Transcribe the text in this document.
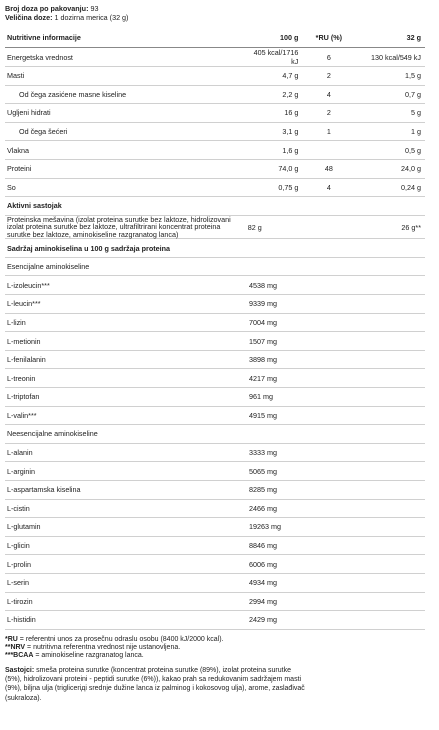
Broj doza po pakovanju: 93
Veličina doze: 1 dozirna merica (32 g)
Nutritivne informacije	100 g	*RU (%)	32 g
Energetska vrednost	405 kcal/1716 kJ	6	130 kcal/549 kJ
Masti	4,7 g	2	1,5 g
Od čega zasićene masne kiseline	2,2 g	4	0,7 g
Ugljeni hidrati	16 g	2	5 g
Od čega šećeri	3,1 g	1	1 g
Vlakna	1,6 g		0,5 g
Proteini	74,0 g	48	24,0 g
So	0,75 g	4	0,24 g
Aktivni sastojak			
Proteinska mešavina (izolat proteina surutke bez laktoze, hidrolizovani izolat proteina surutke bez laktoze, ultrafiltrirani koncentrat proteina surutke bez laktoze, aminokiseline razgranatog lanca)	82 g		26 g**
Sadržaj aminokiselina u 100 g sadržaja proteina			
Esencijalne aminokiseline		
L-izoleucin***	4538 mg	
L-leucin***	9339 mg	
L-lizin	7004 mg	
L-metionin	1507 mg	
L-fenilalanin	3898 mg	
L-treonin	4217 mg	
L-triptofan	961 mg	
L-valin***	4915 mg	
Neesencijalne aminokiseline		
L-alanin	3333 mg	
L-arginin	5065 mg	
L-aspartamska kiselina	8285 mg	
L-cistin	2466 mg	
L-glutamin	19263 mg	
L-glicin	8846 mg	
L-prolin	6006 mg	
L-serin	4934 mg	
L-tirozin	2994 mg	
L-histidin	2429 mg	
*RU = referentni unos za prosečnu odraslu osobu (8400 kJ/2000 kcal).
**NRV = nutritivna referentna vrednost nije ustanovljena.
***BCAA = aminokiseline razgranatog lanca.
Sastojci: smeša proteina surutke (koncentrat proteina surutke (89%), izolat proteina surutke (5%), hidrolizovani proteini - peptidi surutke (6%)), kakao prah sa redukovanim sadržajem masti (9%), biljna ulja (triglicerідi srednje dužine lanca iz palminog i kokosovog ulja), arome, zaslađivač (sukraloza).
